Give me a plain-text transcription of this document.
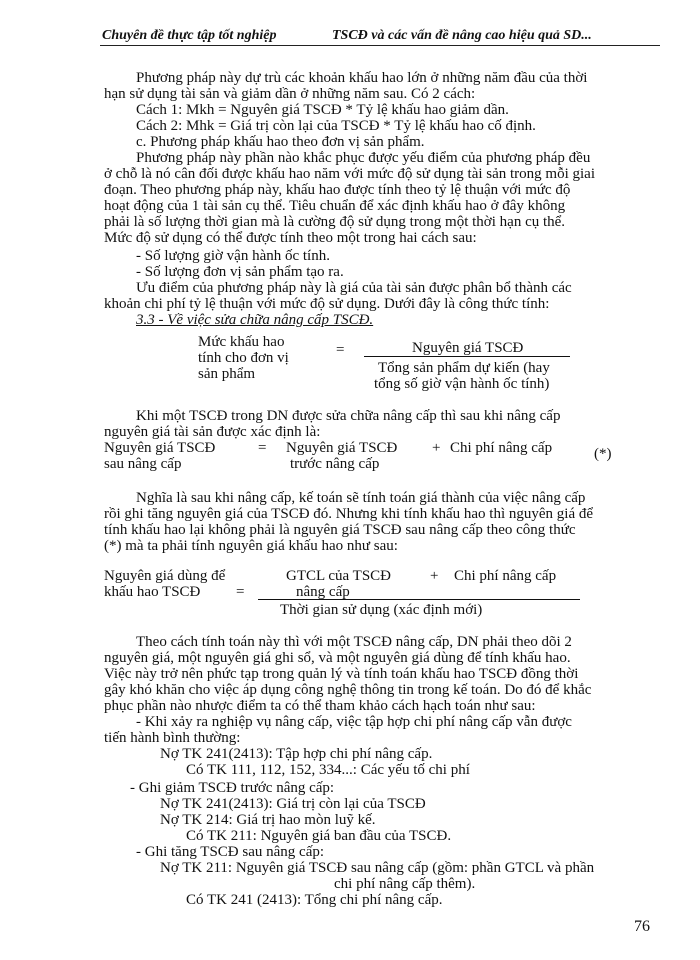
Chuyên đề thực tập tốt nghiệp	TSCĐ và các vấn đề nâng cao hiệu quả SD...
Phương pháp này dự trù các khoản khấu hao lớn ở những năm đầu của thời
hạn sử dụng tài sản và giảm dần ở những năm sau. Có 2 cách:
Cách 1: Mkh = Nguyên giá TSCĐ * Tỷ lệ khấu hao giảm dần.
Cách 2: Mhk = Giá trị còn lại của TSCĐ * Tỷ lệ khấu hao cố định.
c. Phương pháp khấu hao theo đơn vị sản phẩm.
Phương pháp này phần nào khắc phục được yếu điểm của phương pháp đều
ở chỗ là nó cân đối được khấu hao năm với mức độ sử dụng tài sản trong mỗi giai
đoạn. Theo phương pháp này, khấu hao được tính theo tỷ lệ thuận với mức độ
hoạt động của 1 tài sản cụ thể. Tiêu chuẩn để xác định khấu hao ở đây không
phải là số lượng thời gian mà là cường độ sử dụng trong một thời hạn cụ thể.
Mức độ sử dụng có thể được tính theo một trong hai cách sau:
- Số lượng giờ vận hành ốc tính.
- Số lượng đơn vị sản phẩm tạo ra.
Ưu điểm của phương pháp này là giá của tài sản được phân bổ thành các
khoản chi phí tỷ lệ thuận với mức độ sử dụng. Dưới đây là công thức tính:
3.3 - Về việc sửa chữa nâng cấp TSCĐ.
Mức khấu hao
tính cho đơn vị
sản phẩm
=	Nguyên giá TSCĐ
Tổng sản phẩm dự kiến (hay
tổng số giờ vận hành ốc tính)
Khi một TSCĐ trong DN được sửa chữa nâng cấp thì sau khi nâng cấp
nguyên giá tài sản được xác định là:
Nguyên giá TSCĐ
sau nâng cấp
= Nguyên giá TSCĐ
trước nâng cấp
+ Chi phí nâng cấp	(*)
Nghĩa là sau khi nâng cấp, kế toán sẽ tính toán giá thành của việc nâng cấp
rồi ghi tăng nguyên giá của TSCĐ đó. Nhưng khi tính khấu hao thì nguyên giá để
tính khấu hao lại không phải là nguyên giá TSCĐ sau nâng cấp theo công thức
(*) mà ta phải tính nguyên giá khấu hao như sau:
Nguyên giá dùng để
khấu hao TSCĐ =
GTCL của TSCĐ	+ Chi phí nâng cấp
nâng cấp
Thời gian sử dụng (xác định mới)
Theo cách tính toán này thì với một TSCĐ nâng cấp, DN phải theo dõi 2
nguyên giá, một nguyên giá ghi sổ, và một nguyên giá dùng để tính khấu hao.
Việc này trở nên phức tạp trong quản lý và tính toán khấu hao TSCĐ đồng thời
gây khó khăn cho việc áp dụng công nghệ thông tin trong kế toán. Do đó để khắc
phục phần nào nhược điểm ta có thể tham khảo cách hạch toán như sau:
- Khi xảy ra nghiệp vụ nâng cấp, việc tập hợp chi phí nâng cấp vẫn được
tiến hành bình thường:
Nợ TK 241(2413): Tập hợp chi phí nâng cấp.
Có TK 111, 112, 152, 334...: Các yếu tố chi phí
- Ghi giảm TSCĐ trước nâng cấp:
Nợ TK 241(2413): Giá trị còn lại của TSCĐ
Nợ TK 214: Giá trị hao mòn luỹ kế.
Có TK 211: Nguyên giá ban đầu của TSCĐ.
- Ghi tăng TSCĐ sau nâng cấp:
Nợ TK 211: Nguyên giá TSCĐ sau nâng cấp (gồm: phần GTCL và phần
chi phí nâng cấp thêm).
Có TK 241 (2413): Tổng chi phí nâng cấp.
76
